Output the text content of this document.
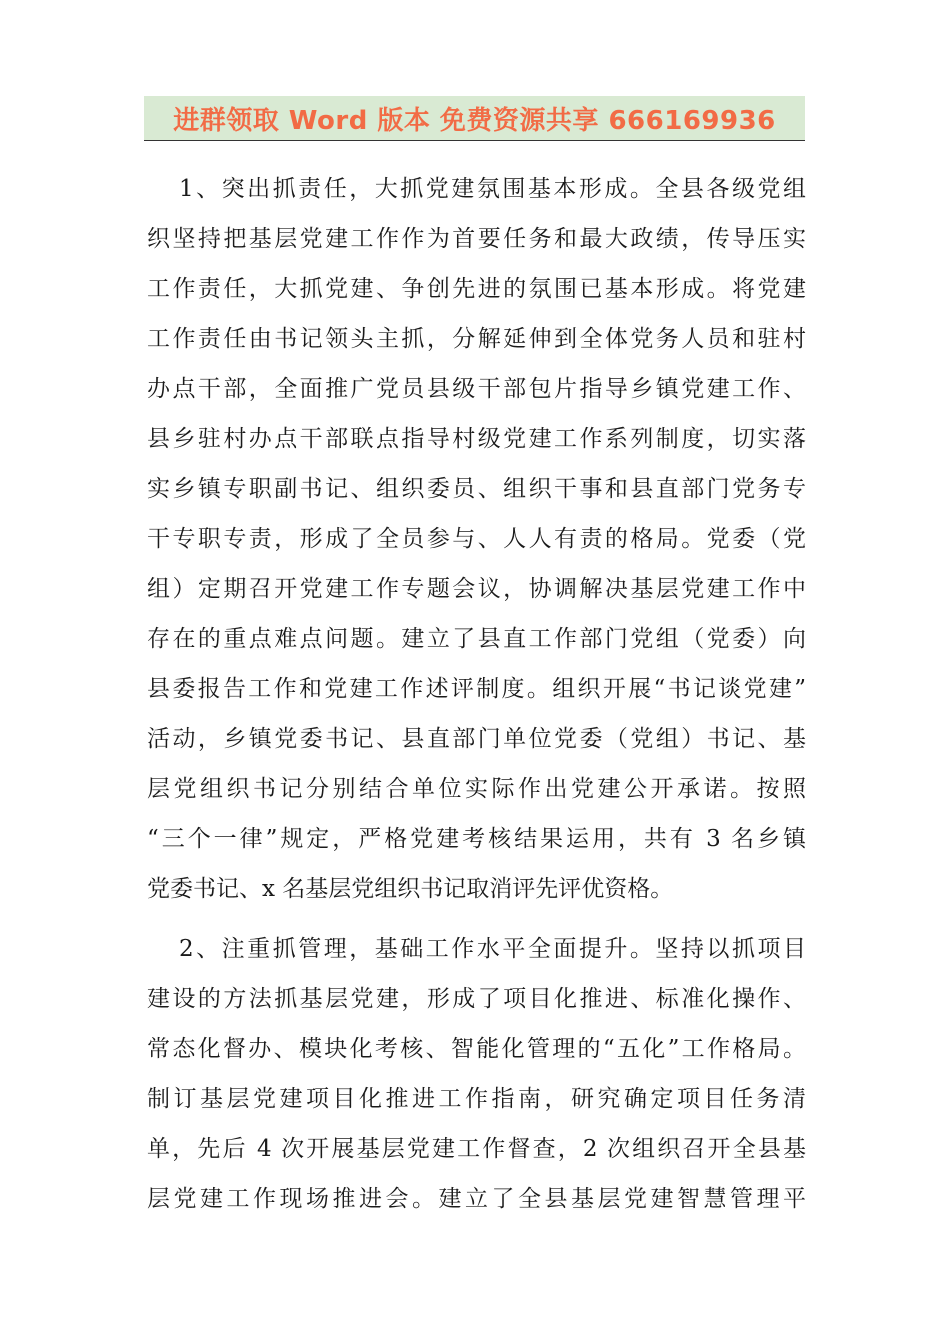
进群领取 Word 版本 免费资源共享 666169936
1、突出抓责任，大抓党建氛围基本形成。全县各级党组
织坚持把基层党建工作作为首要任务和最大政绩，传导压实
工作责任，大抓党建、争创先进的氛围已基本形成。将党建
工作责任由书记领头主抓，分解延伸到全体党务人员和驻村
办点干部，全面推广党员县级干部包片指导乡镇党建工作、
县乡驻村办点干部联点指导村级党建工作系列制度，切实落
实乡镇专职副书记、组织委员、组织干事和县直部门党务专
干专职专责，形成了全员参与、人人有责的格局。党委（党
组）定期召开党建工作专题会议，协调解决基层党建工作中
存在的重点难点问题。建立了县直工作部门党组（党委）向
县委报告工作和党建工作述评制度。组织开展“书记谈党建”
活动，乡镇党委书记、县直部门单位党委（党组）书记、基
层党组织书记分别结合单位实际作出党建公开承诺。按照
“三个一律”规定，严格党建考核结果运用，共有 3 名乡镇
党委书记、x 名基层党组织书记取消评先评优资格。
2、注重抓管理，基础工作水平全面提升。坚持以抓项目
建设的方法抓基层党建，形成了项目化推进、标准化操作、
常态化督办、模块化考核、智能化管理的“五化”工作格局。
制订基层党建项目化推进工作指南，研究确定项目任务清
单，先后 4 次开展基层党建工作督查，2 次组织召开全县基
层党建工作现场推进会。建立了全县基层党建智慧管理平
